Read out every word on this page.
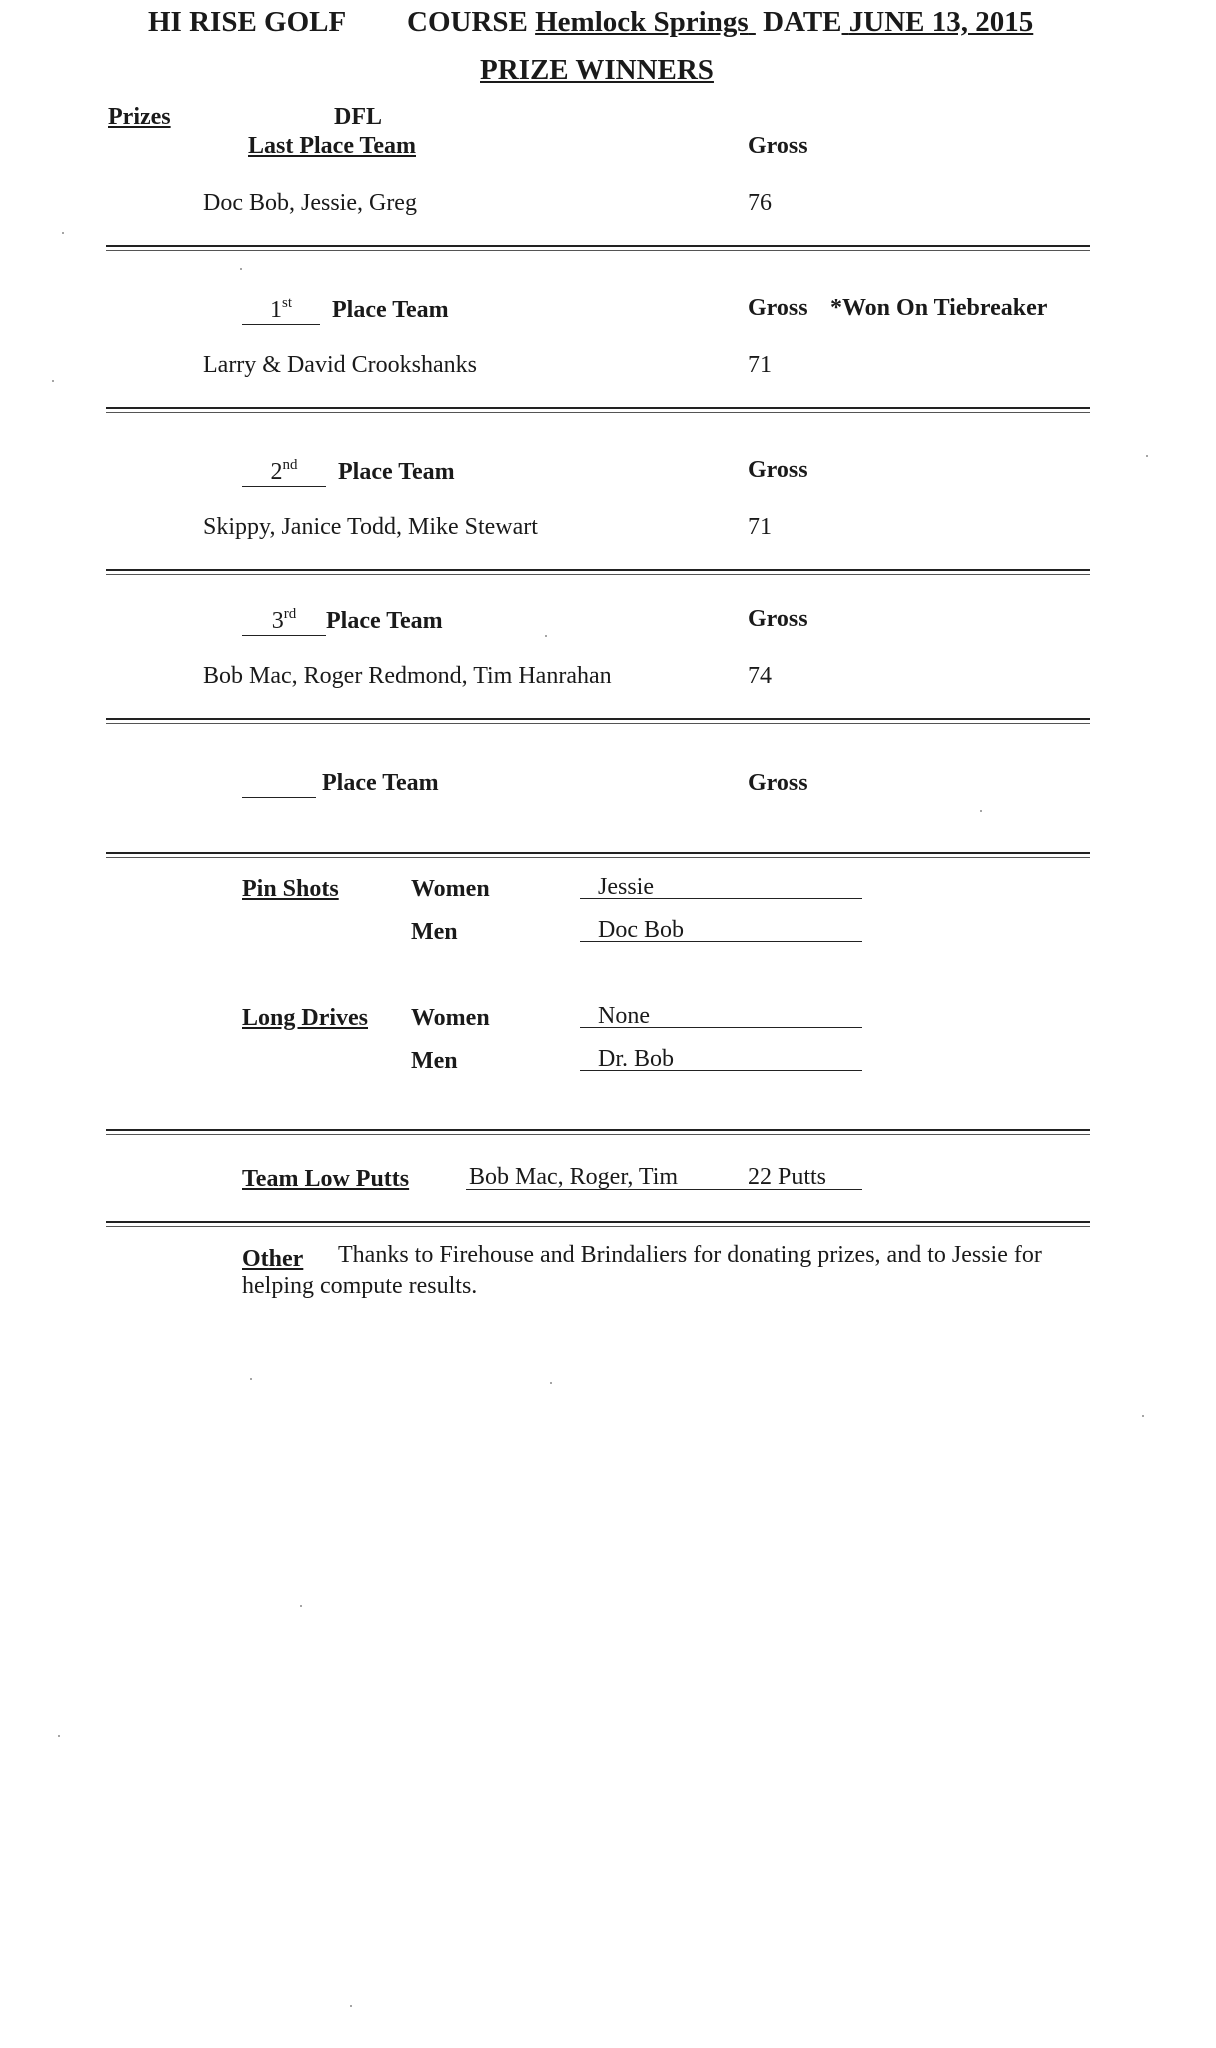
HI RISE GOLF COURSE Hemlock Springs DATE JUNE 13, 2015
PRIZE WINNERS
Prizes	DFL
Last Place Team	Gross
Doc Bob, Jessie, Greg	76
1st Place Team	Gross *Won On Tiebreaker
Larry & David Crookshanks	71
2nd Place Team	Gross
Skippy, Janice Todd, Mike Stewart	71
3rd Place Team	Gross
Bob Mac, Roger Redmond, Tim Hanrahan	74
Place Team	Gross
Pin Shots	Women	Jessie
Men	Doc Bob
Long Drives Women	None
Men	Dr. Bob
Team Low Putts Bob Mac, Roger, Tim	22 Putts
Other Thanks to Firehouse and Brindaliers for donating prizes, and to Jessie for
helping compute results.
